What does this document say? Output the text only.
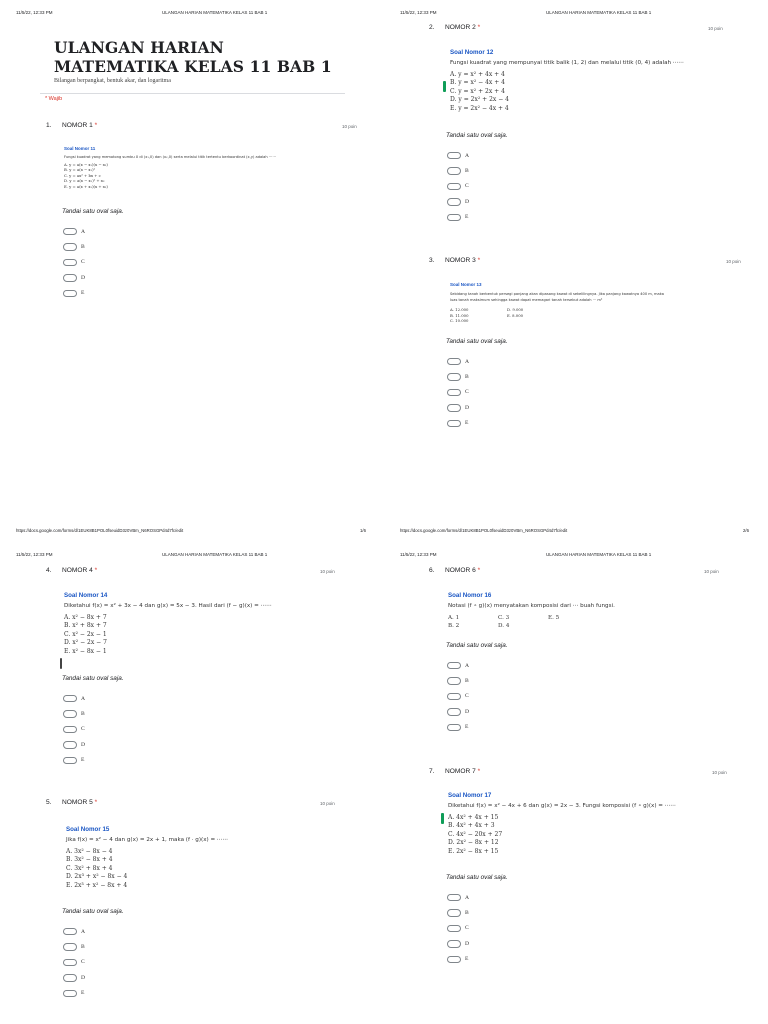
11/5/22, 12:33 PM	ULANGAN HARIAN MATEMATIKA KELAS 11 BAB 1
ULANGAN HARIAN MATEMATIKA KELAS 11 BAB 1
Bilangan berpangkat, bentuk akar, dan logaritma
* Wajib
1. NOMOR 1 *	10 poin
Soal Nomor 11
Fungsi kuadrat yang memotong sumbu X di (x₁,0) dan (x₂,0) serta melalui titik tertentu berkoordinat (x,y) adalah ⋯⋯
A. y = a(x − x₁)(x − x₂)
B. y = a(x − x₁)²
C. y = ax² + bx + c
D. y = a(x − x₁)² + x₂
E. y = a(x + x₁)(x + x₂)
Tandai satu oval saja.
A
B
C
D
E
11/5/22, 12:33 PM	ULANGAN HARIAN MATEMATIKA KELAS 11 BAB 1
2. NOMOR 2 *	10 poin
Soal Nomor 12
Fungsi kuadrat yang mempunyai titik balik (1, 2) dan melalui titik (0, 4) adalah ⋯⋯
A. y = x² + 4x + 4
B. y = x² − 4x + 4
C. y = x² + 2x + 4
D. y = 2x² + 2x − 4
E. y = 2x² − 4x + 4
Tandai satu oval saja.
A
B
C
D
E
3. NOMOR 3 *	10 poin
Soal Nomor 13
Sebidang tanah berbentuk persegi panjang akan dipasang kawat di sekelilingnya. Jika panjang kawatnya 400 m, maka
luas tanah maksimum sehingga kawat dapat memagari tanah tersebut adalah ⋯ m²
A. 12.000	D. 9.000
B. 11.000	E. 8.000
C. 10.000
Tandai satu oval saja.
A
B
C
D
E
https://docs.google.com/forms/d/1EUK8B1POL0fseuidD3z0VBm_N6ROSGPd4d7fc/edit	1/6	https://docs.google.com/forms/d/1EUK8B1POL0fseuidD3z0VBm_N6ROSGPd4d7fc/edit	2/6
11/5/22, 12:33 PM	ULANGAN HARIAN MATEMATIKA KELAS 11 BAB 1
4. NOMOR 4 *	10 poin
Soal Nomor 14
Diketahui f(x) = x² + 3x − 4 dan g(x) = 5x − 3. Hasil dari (f − g)(x) = ⋯⋯
A. x² − 8x + 7
B. x² + 8x + 7
C. x² − 2x − 1
D. x² − 2x − 7
E. x² − 8x − 1
Tandai satu oval saja.
A
B
C
D
E
5. NOMOR 5 *	10 poin
Soal Nomor 15
Jika f(x) = x² − 4 dan g(x) = 2x + 1, maka (f · g)(x) = ⋯⋯
A. 3x² − 8x − 4
B. 3x² − 8x + 4
C. 3x² + 8x + 4
D. 2x³ + x² − 8x − 4
E. 2x³ + x² − 8x + 4
Tandai satu oval saja.
A
B
C
D
E
11/5/22, 12:33 PM	ULANGAN HARIAN MATEMATIKA KELAS 11 BAB 1
6. NOMOR 6 *	10 poin
Soal Nomor 16
Notasi (f ∘ g)(x) menyatakan komposisi dari ⋯ buah fungsi.
A. 1	C. 3	E. 5
B. 2	D. 4
Tandai satu oval saja.
A
B
C
D
E
7. NOMOR 7 *	10 poin
Soal Nomor 17
Diketahui f(x) = x² − 4x + 6 dan g(x) = 2x − 3. Fungsi komposisi (f ∘ g)(x) = ⋯⋯
A. 4x² + 4x + 15
B. 4x² + 4x + 3
C. 4x² − 20x + 27
D. 2x² − 8x + 12
E. 2x² − 8x + 15
Tandai satu oval saja.
A
B
C
D
E
